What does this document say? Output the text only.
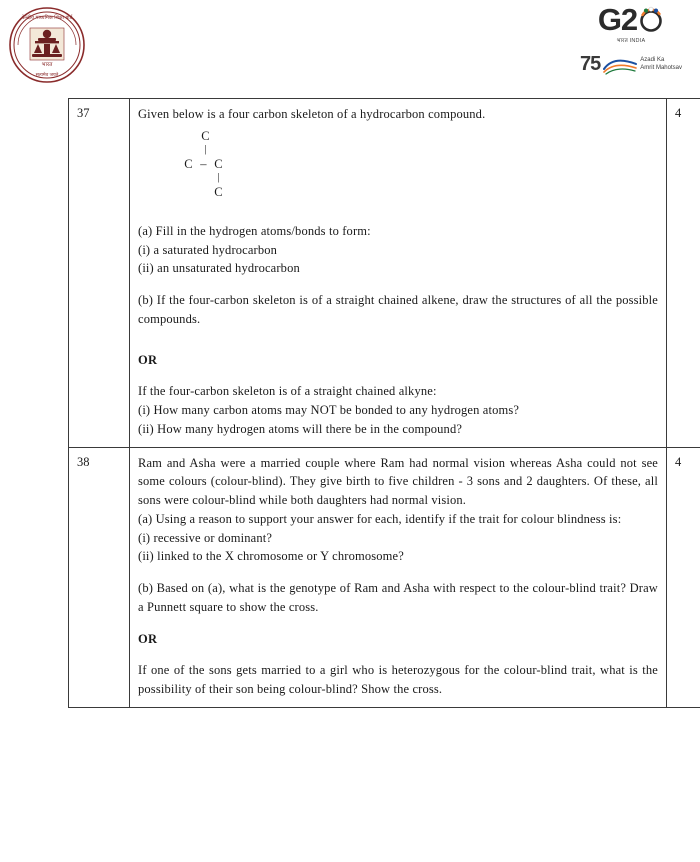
केन्द्रीय माध्यमिक शिक्षा बोर्ड
भारत
सत्यमेव जयते
G2
भारत INDIA
75	Azadi Ka
Amrit Mahotsav
37	Given below is a four carbon skeleton of a hydrocarbon compound.

C
|
C – C
|
C

(a) Fill in the hydrogen atoms/bonds to form:

(i) a saturated hydrocarbon

(ii) an unsaturated hydrocarbon

(b) If the four-carbon skeleton is of a straight chained alkene, draw the structures of all the possible compounds.

OR

If the four-carbon skeleton is of a straight chained alkyne:

(i) How many carbon atoms may NOT be bonded to any hydrogen atoms?

(ii) How many hydrogen atoms will there be in the compound?

4

38	Ram and Asha were a married couple where Ram had normal vision whereas Asha could not see some colours (colour-blind). They give birth to five children - 3 sons and 2 daughters. Of these, all sons were colour-blind while both daughters had normal vision.

(a) Using a reason to support your answer for each, identify if the trait for colour blindness is:

(i) recessive or dominant?

(ii) linked to the X chromosome or Y chromosome?

(b) Based on (a), what is the genotype of Ram and Asha with respect to the colour-blind trait? Draw a Punnett square to show the cross.

OR

If one of the sons gets married to a girl who is heterozygous for the colour-blind trait, what is the possibility of their son being colour-blind? Show the cross.

4
